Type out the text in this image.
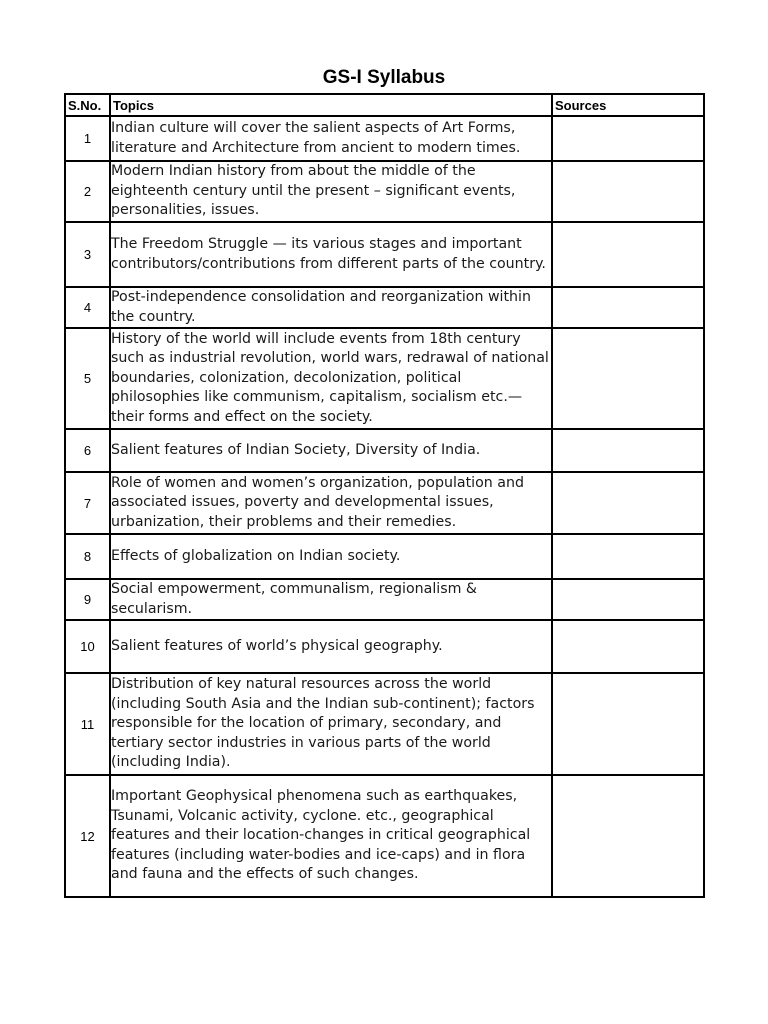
GS-I Syllabus
S.No.	Topics	Sources
1	Indian culture will cover the salient aspects of Art Forms, literature and Architecture from ancient to modern times.	
2	Modern Indian history from about the middle of the eighteenth century until the present – significant events, personalities, issues.	
3	The Freedom Struggle — its various stages and important contributors/contributions from different parts of the country.	
4	Post-independence consolidation and reorganization within the country.	
5	History of the world will include events from 18th century such as industrial revolution, world wars, redrawal of national boundaries, colonization, decolonization, political philosophies like communism, capitalism, socialism etc.— their forms and effect on the society.	
6	Salient features of Indian Society, Diversity of India.	
7	Role of women and women’s organization, population and associated issues, poverty and developmental issues, urbanization, their problems and their remedies.	
8	Effects of globalization on Indian society.	
9	Social empowerment, communalism, regionalism & secularism.	
10	Salient features of world’s physical geography.	
11	Distribution of key natural resources across the world (including South Asia and the Indian sub-continent); factors responsible for the location of primary, secondary, and tertiary sector industries in various parts of the world (including India).	
12	Important Geophysical phenomena such as earthquakes, Tsunami, Volcanic activity, cyclone. etc., geographical features and their location-changes in critical geographical features (including water-bodies and ice-caps) and in flora and fauna and the effects of such changes.	
